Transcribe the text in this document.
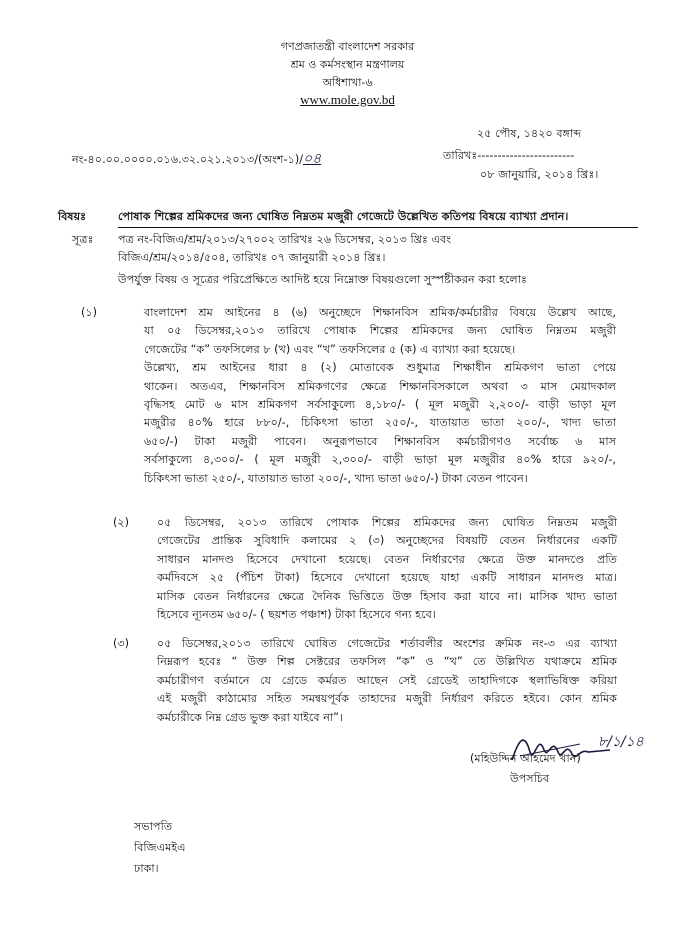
গণপ্রজাতন্ত্রী বাংলাদেশ সরকার
শ্রম ও কর্মসংস্থান মন্ত্রণালয়
অধিশাখা-৬
www.mole.gov.bd
২৫ পৌষ, ১৪২০ বঙ্গাব্দ
তারিখঃ------------------------
০৮ জানুয়ারি, ২০১৪ খ্রিঃ।
নং-৪০.০০.০০০০.০১৬.৩২.০২১.২০১৩/(অংশ-১)/০৪
বিষয়ঃ	পোষাক শিল্পের শ্রমিকদের জন্য ঘোষিত নিম্নতম মজুরী গেজেটে উল্লেখিত কতিপয় বিষয়ে ব্যাখ্যা প্রদান।
সূত্রঃ পত্র নং-বিজিএ/শ্রম/২০১৩/২৭০০২ তারিখঃ ২৬ ডিসেম্বর, ২০১৩ খ্রিঃ এবং
বিজিএ/শ্রম/২০১৪/৫০৪, তারিখঃ ০৭ জানুয়ারী ২০১৪ খ্রিঃ।
উপর্যুক্ত বিষয় ও সূত্রের পরিপ্রেক্ষিতে আদিষ্ট হয়ে নিম্নোক্ত বিষয়গুলো সুস্পষ্টীকরন করা হলোঃ
(১)	বাংলাদেশ শ্রম আইনের ৪ (৬) অনুচ্ছেদে শিক্ষানবিস শ্রমিক/কর্মচারীর বিষয়ে উল্লেখ আছে,
যা ০৫ ডিসেম্বর,২০১৩ তারিখে পোষাক শিল্পের শ্রমিকদের জন্য ঘোষিত নিম্নতম মজুরী
গেজেটের “ক” তফসিলের ৮ (খ) এবং “খ” তফসিলের ৫ (ক) এ ব্যাখ্যা করা হয়েছে।
উল্লেখ্য, শ্রম আইনের ধারা ৪ (২) মোতাবেক শুধুমাত্র শিক্ষাধীন শ্রমিকগণ ভাতা পেয়ে
থাকেন। অতএব, শিক্ষানবিস শ্রমিকগণের ক্ষেত্রে শিক্ষানবিসকালে অথবা ৩ মাস মেয়াদকাল
বৃদ্ধিসহ মোট ৬ মাস শ্রমিকগণ সর্বসাকুল্যে ৪,১৮০/- ( মূল মজুরী ২,২০০/- বাড়ী ভাড়া মূল
মজুরীর ৪০% হারে ৮৮০/-, চিকিৎসা ভাতা ২৫০/-, যাতায়াত ভাতা ২০০/-, খাদ্য ভাতা
৬৫০/-) টাকা মজুরী পাবেন। অনুরূপভাবে শিক্ষানবিস কর্মচারীগণও সর্বোচ্চ ৬ মাস
সর্বসাকুল্যে ৪,৩০০/- ( মূল মজুরী ২,৩০০/- বাড়ী ভাড়া মূল মজুরীর ৪০% হারে ৯২০/-,
চিকিৎসা ভাতা ২৫০/-, যাতায়াত ভাতা ২০০/-, খাদ্য ভাতা ৬৫০/-) টাকা বেতন পাবেন।
(২) ০৫ ডিসেম্বর, ২০১৩ তারিখে পোষাক শিল্পের শ্রমিকদের জন্য ঘোষিত নিম্নতম মজুরী
গেজেটের প্রান্তিক সুবিধাদি কলামের ২ (৩) অনুচ্ছেদের বিষয়টি বেতন নির্ধারনের একটি
সাধারন মানদণ্ড হিসেবে দেখানো হয়েছে। বেতন নির্ধারণের ক্ষেত্রে উক্ত মানদণ্ডে প্রতি
কর্মদিবসে ২৫ (পঁচিশ টাকা) হিসেবে দেখানো হয়েছে যাহা একটি সাধারন মানদণ্ড মাত্র।
মাসিক বেতন নির্ধারনের ক্ষেত্রে দৈনিক ভিত্তিতে উক্ত হিসাব করা যাবে না। মাসিক খাদ্য ভাতা
হিসেবে ন্যূনতম ৬৫০/- ( ছয়শত পঞ্চাশ) টাকা হিসেবে গন্য হবে।
(৩) ০৫ ডিসেম্বর,২০১৩ তারিখে ঘোষিত গেজেটের শর্তাবলীর অংশের ক্রমিক নং-৩ এর ব্যাখ্যা
নিম্নরূপ হবেঃ “ উক্ত শিল্প সেক্টরের তফসিল “ক” ও “খ” তে উল্লিখিত যথাক্রমে শ্রমিক
কর্মচারীগণ বর্তমানে যে গ্রেডে কর্মরত আছেন সেই গ্রেডেই তাহাদিগকে স্থলাভিষিক্ত করিয়া
এই মজুরী কাঠামোর সহিত সমন্বয়পূর্বক তাহাদের মজুরী নির্ধারণ করিতে হইবে। কোন শ্রমিক
কর্মচারীকে নিম্ন গ্রেড ভুক্ত করা যাইবে না”।
৮/১/১৪
(মহিউদ্দিন আহমেদ খান)
উপসচিব
সভাপতি
বিজিএমইএ
ঢাকা।
